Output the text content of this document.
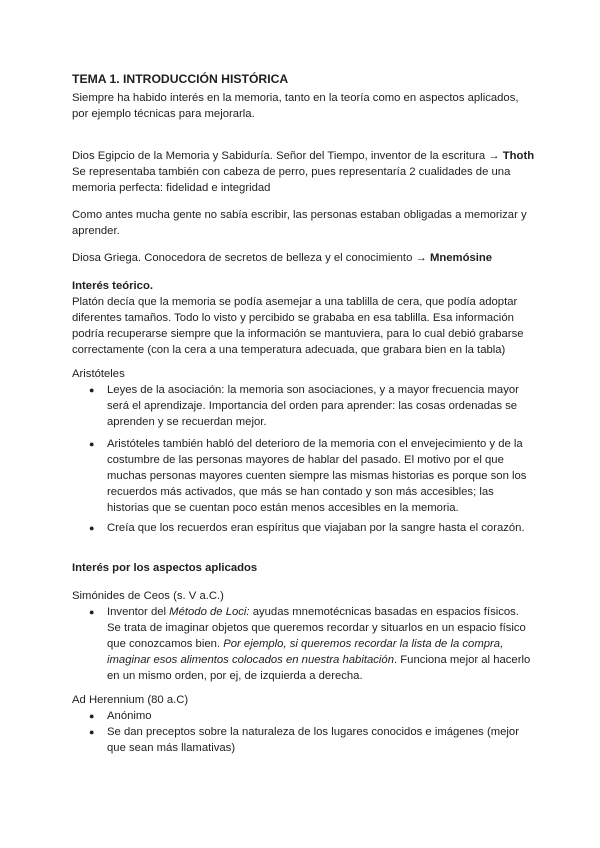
TEMA 1. INTRODUCCIÓN HISTÓRICA
Siempre ha habido interés en la memoria, tanto en la teoría como en aspectos aplicados,
por ejemplo técnicas para mejorarla.
Dios Egipcio de la Memoria y Sabiduría. Señor del Tiempo, inventor de la escritura → Thoth
Se representaba también con cabeza de perro, pues representaría 2 cualidades de una
memoria perfecta: fidelidad e integridad
Como antes mucha gente no sabía escribir, las personas estaban obligadas a memorizar y
aprender.
Diosa Griega. Conocedora de secretos de belleza y el conocimiento → Mnemósine
Interés teórico.
Platón decía que la memoria se podía asemejar a una tablilla de cera, que podía adoptar
diferentes tamaños. Todo lo visto y percibido se grababa en esa tablilla. Esa información
podría recuperarse siempre que la información se mantuviera, para lo cual debió grabarse
correctamente (con la cera a una temperatura adecuada, que grabara bien en la tabla)
Aristóteles
● Leyes de la asociación: la memoria son asociaciones, y a mayor frecuencia mayor
será el aprendizaje. Importancia del orden para aprender: las cosas ordenadas se
aprenden y se recuerdan mejor.
● Aristóteles también habló del deterioro de la memoria con el envejecimiento y de la
costumbre de las personas mayores de hablar del pasado. El motivo por el que
muchas personas mayores cuenten siempre las mismas historias es porque son los
recuerdos más activados, que más se han contado y son más accesibles; las
historias que se cuentan poco están menos accesibles en la memoria.
● Creía que los recuerdos eran espíritus que viajaban por la sangre hasta el corazón.
Interés por los aspectos aplicados
Simónides de Ceos (s. V a.C.)
● Inventor del Método de Loci: ayudas mnemotécnicas basadas en espacios físicos.
Se trata de imaginar objetos que queremos recordar y situarlos en un espacio físico
que conozcamos bien. Por ejemplo, si queremos recordar la lista de la compra,
imaginar esos alimentos colocados en nuestra habitación. Funciona mejor al hacerlo
en un mismo orden, por ej, de izquierda a derecha.
Ad Herennium (80 a.C)
● Anónimo
● Se dan preceptos sobre la naturaleza de los lugares conocidos e imágenes (mejor
que sean más llamativas)
